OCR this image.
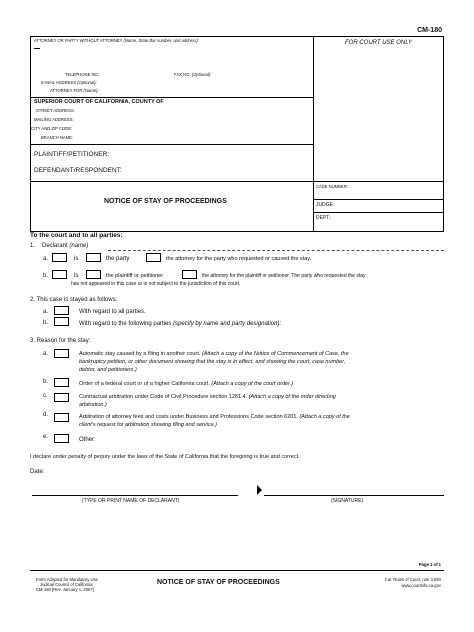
CM-180
ATTORNEY OR PARTY WITHOUT ATTORNEY (Name, State Bar number, and address):
TELEPHONE NO.:	FAX NO. (Optional):
E-MAIL ADDRESS (Optional):
ATTORNEY FOR (Name):
FOR COURT USE ONLY
SUPERIOR COURT OF CALIFORNIA, COUNTY OF
STREET ADDRESS:
MAILING ADDRESS:
CITY AND ZIP CODE:
BRANCH NAME:
PLAINTIFF/PETITIONER:
DEFENDANT/RESPONDENT:
NOTICE OF STAY OF PROCEEDINGS
CASE NUMBER:
JUDGE:
DEPT.:
To the court and to all parties:
1. Declarant (name)
a.	is	the party	the attorney for the party who requested or caused the stay.
b.	is	the plaintiff or petitioner	the attorney for the plaintiff or petitioner. The party who requested the stay
has not appeared in this case or is not subject to the jurisdiction of this court.
2. This case is stayed as follows:
a.	With regard to all parties.
b.	With regard to the following parties (specify by name and party designation):
3. Reason for the stay:
a.	Automatic stay caused by a filing in another court. (Attach a copy of the Notice of Commencement of Case, the
bankruptcy petition, or other document showing that the stay is in effect, and showing the court, case number,
debtor, and petitioners.)
b.	Order of a federal court or of a higher California court. (Attach a copy of the court order.)
c.	Contractual arbitration under Code of Civil Procedure section 1281.4. (Attach a copy of the order directing
arbitration.)
d.	Arbitration of attorney fees and costs under Business and Professions Code section 6201. (Attach a copy of the
client's request for arbitration showing filing and service.)
e.	Other:
I declare under penalty of perjury under the laws of the State of California that the foregoing is true and correct.
Date:
(TYPE OR PRINT NAME OF DECLARANT)	(SIGNATURE)
Page 1 of 1
Form Adopted for Mandatory Use
Judicial Council of California
CM-180 [Rev. January 1, 2007]
NOTICE OF STAY OF PROCEEDINGS	Cal. Rules of Court, rule 3.650
www.courtinfo.ca.gov
